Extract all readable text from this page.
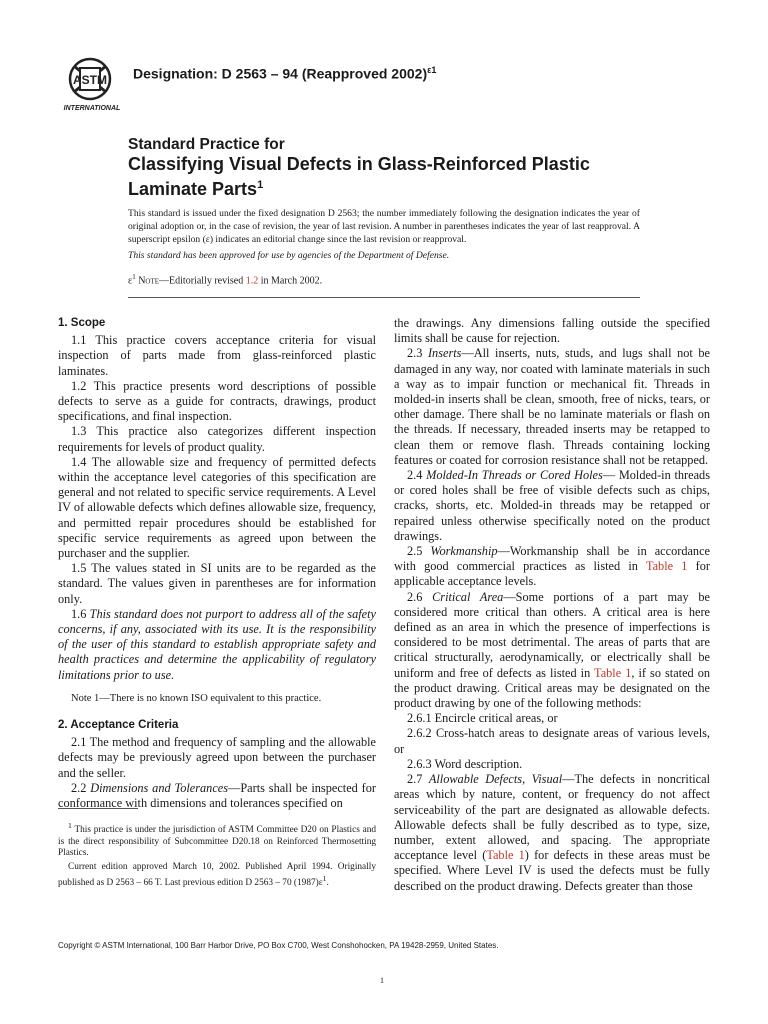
ASTM
INTERNATIONAL
Designation: D 2563 – 94 (Reapproved 2002)$^{\varepsilon 1}$

Standard Practice for

Classifying Visual Defects in Glass-Reinforced Plastic

Laminate Parts$^1$

This standard is issued under the fixed designation D 2563; the number immediately following the designation indicates the year of original adoption or, in the case of revision, the year of last revision. A number in parentheses indicates the year of last reapproval. A superscript epsilon (ε) indicates an editorial change since the last revision or reapproval.

This standard has been approved for use by agencies of the Department of Defense.

$\varepsilon^1$ Note—Editorially revised 1.2 in March 2002.

1. Scope

1.1 This practice covers acceptance criteria for visual inspection of parts made from glass-reinforced plastic laminates.

1.2 This practice presents word descriptions of possible defects to serve as a guide for contracts, drawings, product specifications, and final inspection.

1.3 This practice also categorizes different inspection requirements for levels of product quality.

1.4 The allowable size and frequency of permitted defects within the acceptance level categories of this specification are general and not related to specific service requirements. A Level IV of allowable defects which defines allowable size, frequency, and permitted repair procedures should be established for specific service requirements as agreed upon between the purchaser and the supplier.

1.5 The values stated in SI units are to be regarded as the standard. The values given in parentheses are for information only.

1.6 This standard does not purport to address all of the safety concerns, if any, associated with its use. It is the responsibility of the user of this standard to establish appropriate safety and health practices and determine the applicability of regulatory limitations prior to use.

Note 1—There is no known ISO equivalent to this practice.

2. Acceptance Criteria

2.1 The method and frequency of sampling and the allowable defects may be previously agreed upon between the purchaser and the seller.

2.2 Dimensions and Tolerances—Parts shall be inspected for conformance with dimensions and tolerances specified on

the drawings. Any dimensions falling outside the specified limits shall be cause for rejection.

2.3 Inserts—All inserts, nuts, studs, and lugs shall not be damaged in any way, nor coated with laminate materials in such a way as to impair function or mechanical fit. Threads in molded-in inserts shall be clean, smooth, free of nicks, tears, or other damage. There shall be no laminate materials or flash on the threads. If necessary, threaded inserts may be retapped to clean them or remove flash. Threads containing locking features or coated for corrosion resistance shall not be retapped.

2.4 Molded-In Threads or Cored Holes— Molded-in threads or cored holes shall be free of visible defects such as chips, cracks, shorts, etc. Molded-in threads may be retapped or repaired unless otherwise specifically noted on the product drawings.

2.5 Workmanship—Workmanship shall be in accordance with good commercial practices as listed in Table 1 for applicable acceptance levels.

2.6 Critical Area—Some portions of a part may be considered more critical than others. A critical area is here defined as an area in which the presence of imperfections is considered to be most detrimental. The areas of parts that are critical structurally, aerodynamically, or electrically shall be uniform and free of defects as listed in Table 1, if so stated on the product drawing. Critical areas may be designated on the product drawing by one of the following methods:

2.6.1 Encircle critical areas, or

2.6.2 Cross-hatch areas to designate areas of various levels, or

2.6.3 Word description.

2.7 Allowable Defects, Visual—The defects in noncritical areas which by nature, content, or frequency do not affect serviceability of the part are designated as allowable defects. Allowable defects shall be fully described as to type, size, number, extent allowed, and spacing. The appropriate acceptance level (Table 1) for defects in these areas must be specified. Where Level IV is used the defects must be fully described on the product drawing. Defects greater than those

$^1$ This practice is under the jurisdiction of ASTM Committee D20 on Plastics and is the direct responsibility of Subcommittee D20.18 on Reinforced Thermosetting Plastics.

Current edition approved March 10, 2002. Published April 1994. Originally published as D 2563 – 66 T. Last previous edition D 2563 – 70 $(1987)\varepsilon^1$.

Copyright © ASTM International, 100 Barr Harbor Drive, PO Box C700, West Conshohocken, PA 19428-2959, United States.
1
